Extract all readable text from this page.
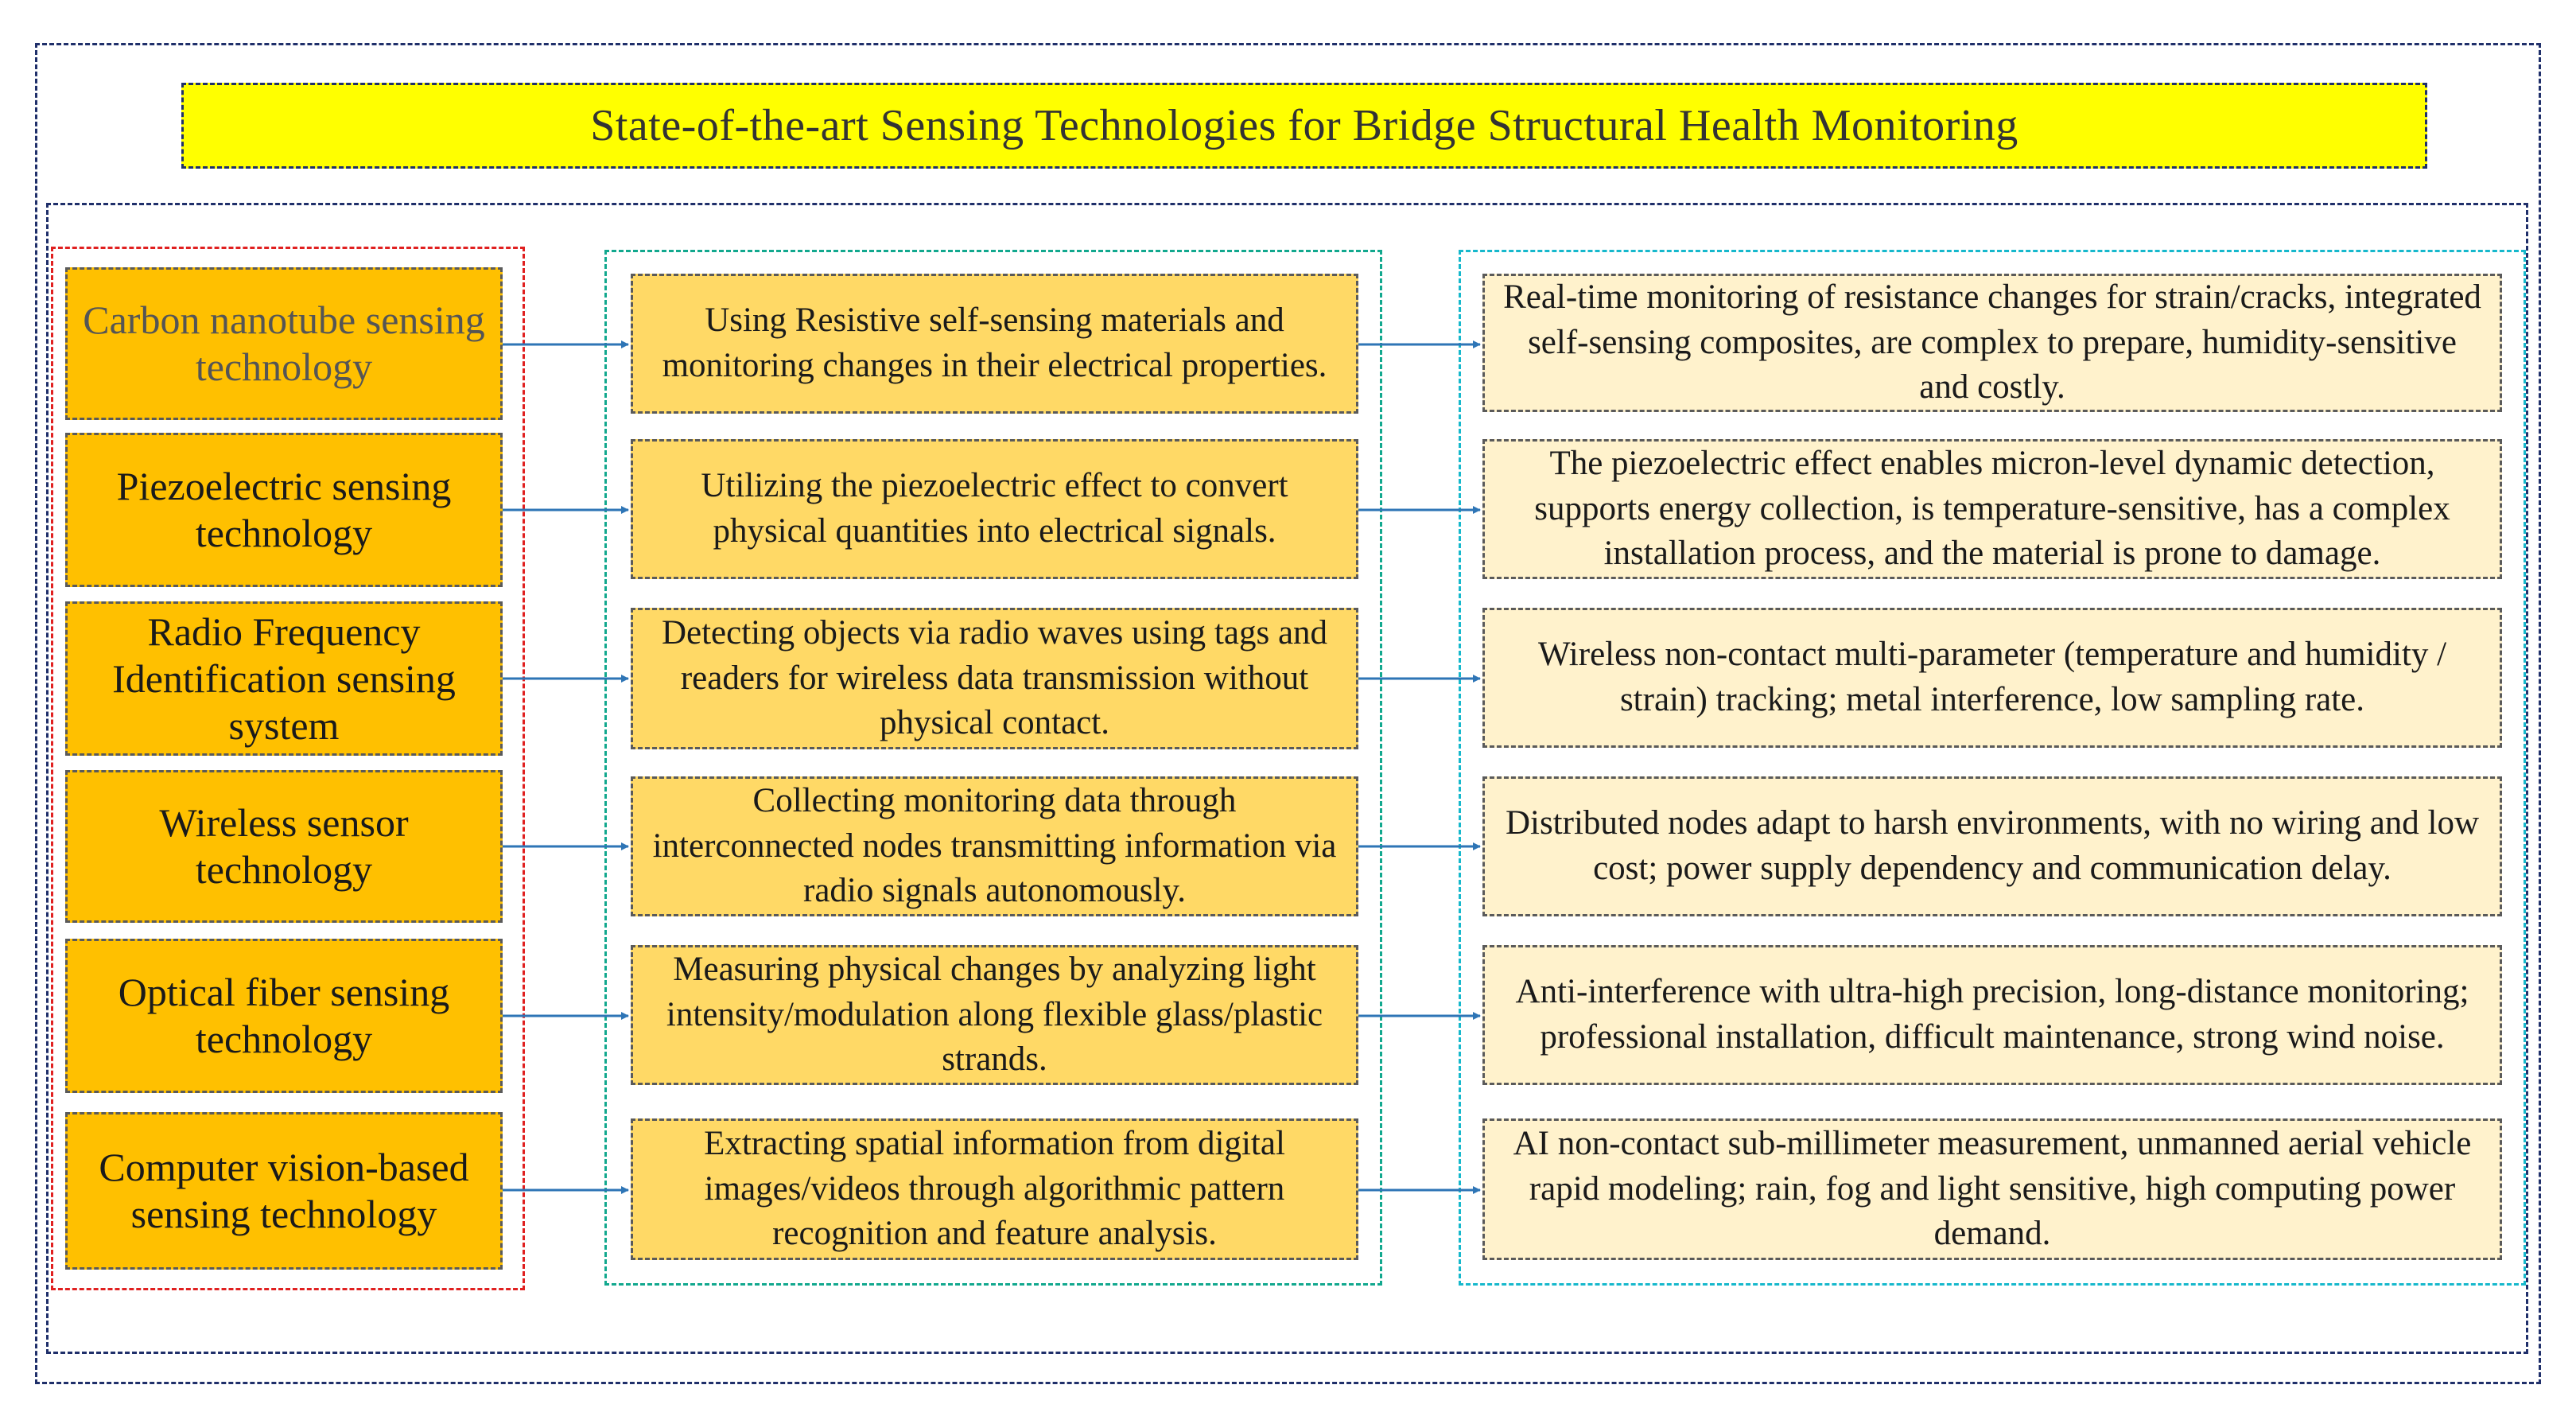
State-of-the-art Sensing Technologies for Bridge Structural Health Monitoring
Carbon nanotube sensing technology
Using Resistive self-sensing materials and monitoring changes in their electrical properties.
Real-time monitoring of resistance changes for strain/cracks, integrated self-sensing composites, are complex to prepare, humidity-sensitive and costly.
Piezoelectric sensing technology
Utilizing the piezoelectric effect to convert physical quantities into electrical signals.
The piezoelectric effect enables micron-level dynamic detection, supports energy collection, is temperature-sensitive, has a complex installation process, and the material is prone to damage.
Radio Frequency Identification sensing system
Detecting objects via radio waves using tags and readers for wireless data transmission without physical contact.
Wireless non-contact multi-parameter (temperature and humidity / strain) tracking; metal interference, low sampling rate.
Wireless sensor technology
Collecting monitoring data through interconnected nodes transmitting information via radio signals autonomously.
Distributed nodes adapt to harsh environments, with no wiring and low cost; power supply dependency and communication delay.
Optical fiber sensing technology
Measuring physical changes by analyzing light intensity/modulation along flexible glass/plastic strands.
Anti-interference with ultra-high precision, long-distance monitoring; professional installation, difficult maintenance, strong wind noise.
Computer vision-based sensing technology
Extracting spatial information from digital images/videos through algorithmic pattern recognition and feature analysis.
AI non-contact sub-millimeter measurement, unmanned aerial vehicle rapid modeling; rain, fog and light sensitive, high computing power demand.
